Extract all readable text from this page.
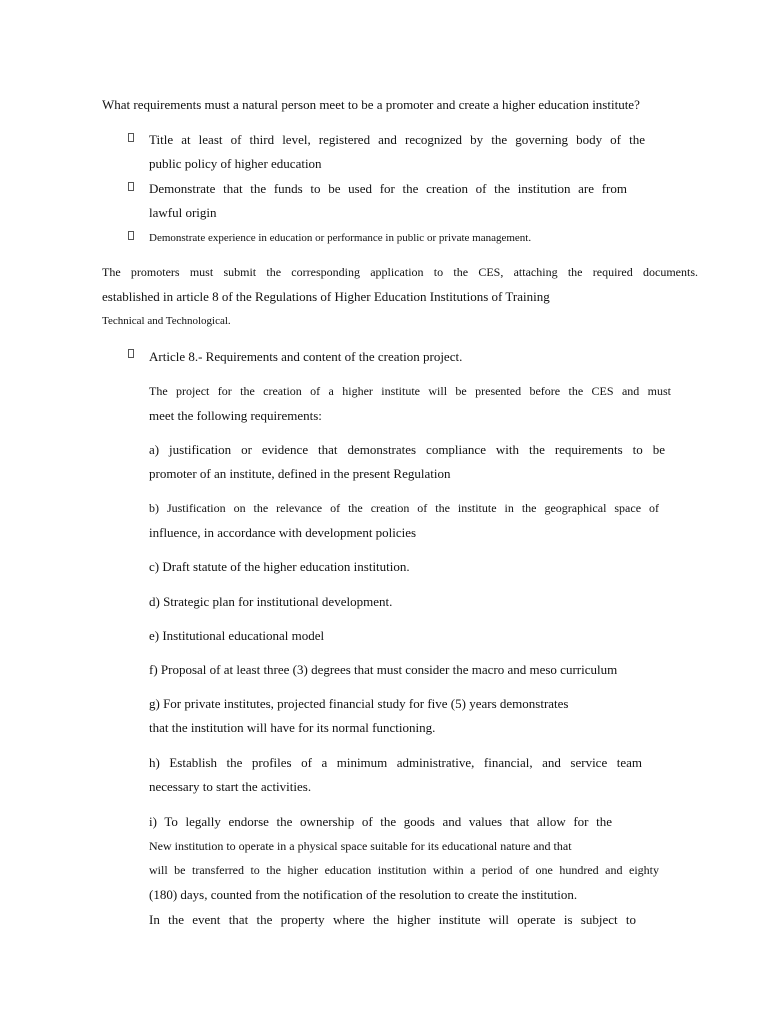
What requirements must a natural person meet to be a promoter and create a higher education institute?
Title at least of third level, registered and recognized by the governing body of the
public policy of higher education
Demonstrate that the funds to be used for the creation of the institution are from
lawful origin
Demonstrate experience in education or performance in public or private management.
The promoters must submit the corresponding application to the CES, attaching the required documents.
established in article 8 of the Regulations of Higher Education Institutions of Training
Technical and Technological.
Article 8.- Requirements and content of the creation project.
The project for the creation of a higher institute will be presented before the CES and must
meet the following requirements:
a) justification or evidence that demonstrates compliance with the requirements to be
promoter of an institute, defined in the present Regulation
b) Justification on the relevance of the creation of the institute in the geographical space of
influence, in accordance with development policies
c) Draft statute of the higher education institution.
d) Strategic plan for institutional development.
e) Institutional educational model
f) Proposal of at least three (3) degrees that must consider the macro and meso curriculum
g) For private institutes, projected financial study for five (5) years demonstrates
that the institution will have for its normal functioning.
h) Establish the profiles of a minimum administrative, financial, and service team
necessary to start the activities.
i) To legally endorse the ownership of the goods and values that allow for the
New institution to operate in a physical space suitable for its educational nature and that
will be transferred to the higher education institution within a period of one hundred and eighty
(180) days, counted from the notification of the resolution to create the institution.
In the event that the property where the higher institute will operate is subject to
